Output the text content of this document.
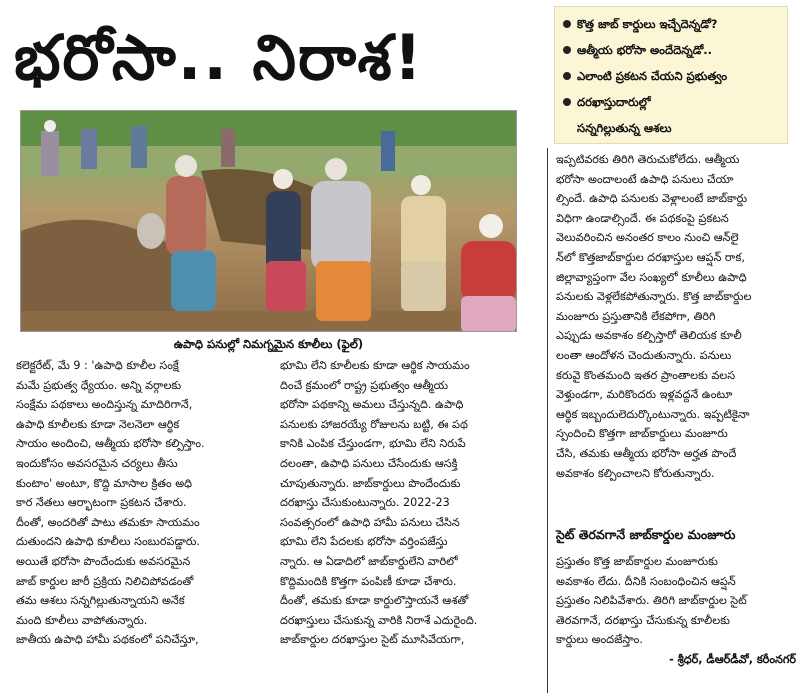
భరోసా.. నిరాశ!	కొత్త జాబ్ కార్డులు ఇచ్చేదెన్నడో?
ఆత్మీయ భరోసా అందేదెన్నడో..
ఎలాంటి ప్రకటన చేయని ప్రభుత్వం
దరఖాస్తుదారుల్లో
సన్నగిల్లుతున్న ఆశలు
ఉపాధి పనుల్లో నిమగ్నమైన కూలీలు (ఫైల్)

కలెక్టరేట్, మే 9 : 'ఉపాధి కూలీల సంక్షే

మమే ప్రభుత్వ ధ్యేయం. అన్ని వర్గాలకు

సంక్షేమ పథకాలు అందిస్తున్న మాదిరిగానే,

ఉపాధి కూలీలకు కూడా నెలనెలా ఆర్థిక

సాయం అందించి, ఆత్మీయ భరోసా కల్పిస్తాం.

ఇందుకోసం అవసరమైన చర్యలు తీసు

కుంటాం' అంటూ, కొద్ది మాసాల క్రితం అధి

కార నేతలు ఆర్భాటంగా ప్రకటన చేశారు.

దీంతో, అందరితో పాటు తమకూ సాయమం

దుతుందని ఉపాధి కూలీలు సంబురపడ్డారు.

అయితే భరోసా పొందేందుకు అవసరమైన

జాబ్ కార్డుల జారీ ప్రక్రియ నిలిచిపోవడంతో

తమ ఆశలు సన్నగిల్లుతున్నాయని అనేక

మంది కూలీలు వాపోతున్నారు.

జాతీయ ఉపాధి హామీ పథకంలో పనిచేస్తూ,

భూమి లేని కూలీలకు కూడా ఆర్థిక సాయమం

దించే క్రమంలో రాష్ట్ర ప్రభుత్వం ఆత్మీయ

భరోసా పథకాన్ని అమలు చేస్తున్నది. ఉపాధి

పనులకు హాజరయ్యే రోజులను బట్టి, ఈ పథ

కానికి ఎంపిక చేస్తుండగా, భూమి లేని నిరుపే

దలంతా, ఉపాధి పనులు చేసేందుకు ఆసక్తి

చూపుతున్నారు. జాబ్‌కార్డులు పొందేందుకు

దరఖాస్తు చేసుకుంటున్నారు. 2022-23

సంవత్సరంలో ఉపాధి హామీ పనులు చేసిన

భూమి లేని పేదలకు భరోసా వర్తింపజేస్తు

న్నారు. ఆ ఏడాదిలో జాబ్‌కార్డులేని వారిలో

కొద్దిమందికి కొత్తగా పంపిణీ కూడా చేశారు.

దీంతో, తమకు కూడా కార్డులొస్తాయనే ఆశతో

దరఖాస్తులు చేసుకున్న వారికి నిరాశే ఎదురైంది.

జాబ్‌కార్డుల దరఖాస్తుల సైట్ మూసివేయగా,

ఇప్పటివరకు తిరిగి తెరుచుకోలేదు. ఆత్మీయ

భరోసా అందాలంటే ఉపాధి పనులు చేయా

ల్సిందే. ఉపాధి పనులకు వెళ్లాలంటే జాబ్‌కార్డు

విధిగా ఉండాల్సిందే. ఈ పథకంపై ప్రకటన

వెలువరించిన అనంతర కాలం నుంచి ఆన్‌లై

న్‌లో కొత్తజాబ్‌కార్డుల దరఖాస్తుల ఆప్షన్ రాక,

జిల్లావ్యాప్తంగా వేల సంఖ్యలో కూలీలు ఉపాధి

పనులకు వెళ్లలేకపోతున్నారు. కొత్త జాబ్‌కార్డుల

మంజూరు ప్రస్తుతానికి లేకపోగా, తిరిగి

ఎప్పుడు అవకాశం కల్పిస్తారో తెలియక కూలీ

లంతా ఆందోళన చెందుతున్నారు. పనులు

కరువై కొంతమంది ఇతర ప్రాంతాలకు వలస

వెళ్తుండగా, మరికొందరు ఇళ్లవద్దనే ఉంటూ

ఆర్థిక ఇబ్బందులెదుర్కొంటున్నారు. ఇప్పటికైనా

స్పందించి కొత్తగా జాబ్‌కార్డులు మంజూరు

చేసి, తమకు ఆత్మీయ భరోసా అర్హత పొందే

అవకాశం కల్పించాలని కోరుతున్నారు.

సైట్ తెరవగానే జాబ్‌కార్డుల మంజూరు

ప్రస్తుతం కొత్త జాబ్‌కార్డుల మంజూరుకు

అవకాశం లేదు. దీనికి సంబంధించిన ఆప్షన్

ప్రస్తుతం నిలిపివేశారు. తిరిగి జాబ్‌కార్డుల సైట్

తెరవగానే, దరఖాస్తు చేసుకున్న కూలీలకు

కార్డులు అందజేస్తాం.

- శ్రీధర్, డీఆర్‌డీవో, కరీంనగర్
